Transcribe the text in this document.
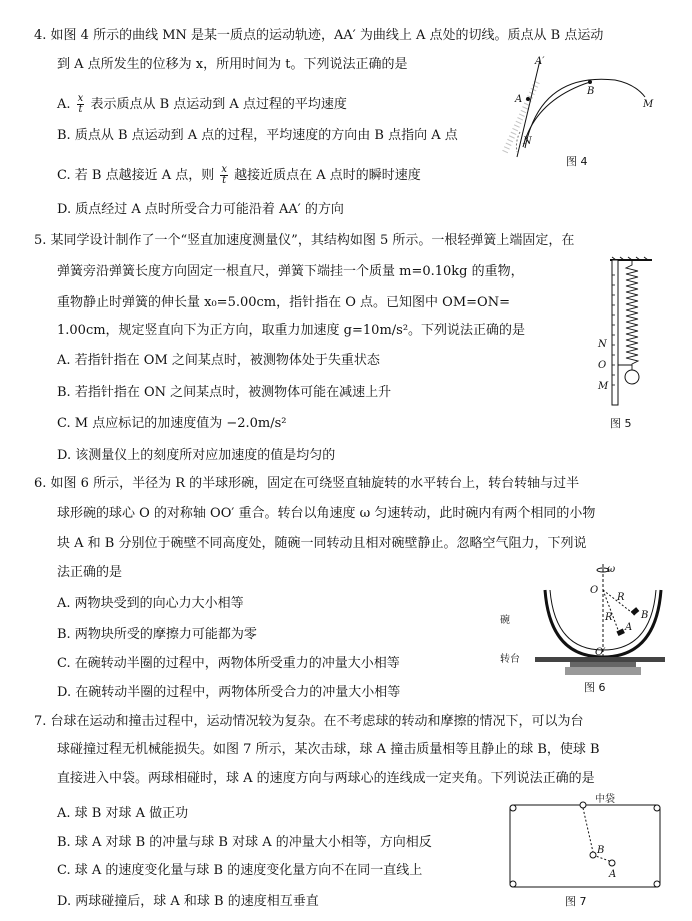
4. 如图 4 所示的曲线 MN 是某一质点的运动轨迹，AA′ 为曲线上 A 点处的切线。质点从 B 点运动
到 A 点所发生的位移为 x，所用时间为 t。下列说法正确的是
A. $\frac{x}{t}$ 表示质点从 B 点运动到 A 点过程的平均速度
B. 质点从 B 点运动到 A 点的过程，平均速度的方向由 B 点指向 A 点
C. 若 B 点越接近 A 点，则 $\frac{x}{t}$ 越接近质点在 A 点时的瞬时速度
D. 质点经过 A 点时所受合力可能沿着 AA′ 的方向
A′
A
B
M
N
图 4
5. 某同学设计制作了一个“竖直加速度测量仪”，其结构如图 5 所示。一根轻弹簧上端固定，在
弹簧旁沿弹簧长度方向固定一根直尺，弹簧下端挂一个质量 m=0.10kg 的重物，
重物静止时弹簧的伸长量 x₀=5.00cm，指针指在 O 点。已知图中 OM=ON=
1.00cm，规定竖直向下为正方向，取重力加速度 g=10m/s²。下列说法正确的是
A. 若指针指在 OM 之间某点时，被测物体处于失重状态
B. 若指针指在 ON 之间某点时，被测物体可能在减速上升
C. M 点应标记的加速度值为 −2.0m/s²
D. 该测量仪上的刻度所对应加速度的值是均匀的
N
O
M
图 5
6. 如图 6 所示，半径为 R 的半球形碗，固定在可绕竖直轴旋转的水平转台上，转台转轴与过半
球形碗的球心 O 的对称轴 OO′ 重合。转台以角速度 ω 匀速转动，此时碗内有两个相同的小物
块 A 和 B 分别位于碗壁不同高度处，随碗一同转动且相对碗壁静止。忽略空气阻力，下列说
法正确的是
A. 两物块受到的向心力大小相等
B. 两物块所受的摩擦力可能都为零
C. 在碗转动半圈的过程中，两物体所受重力的冲量大小相等
D. 在碗转动半圈的过程中，两物体所受合力的冲量大小相等
ω
O
R
R	B
A
O′
碗
转台
图 6
7. 台球在运动和撞击过程中，运动情况较为复杂。在不考虑球的转动和摩擦的情况下，可以为台
球碰撞过程无机械能损失。如图 7 所示，某次击球，球 A 撞击质量相等且静止的球 B，使球 B
直接进入中袋。两球相碰时，球 A 的速度方向与两球心的连线成一定夹角。下列说法正确的是
A. 球 B 对球 A 做正功
B. 球 A 对球 B 的冲量与球 B 对球 A 的冲量大小相等，方向相反
C. 球 A 的速度变化量与球 B 的速度变化量方向不在同一直线上
D. 两球碰撞后，球 A 和球 B 的速度相互垂直
B
A
中袋
图 7
